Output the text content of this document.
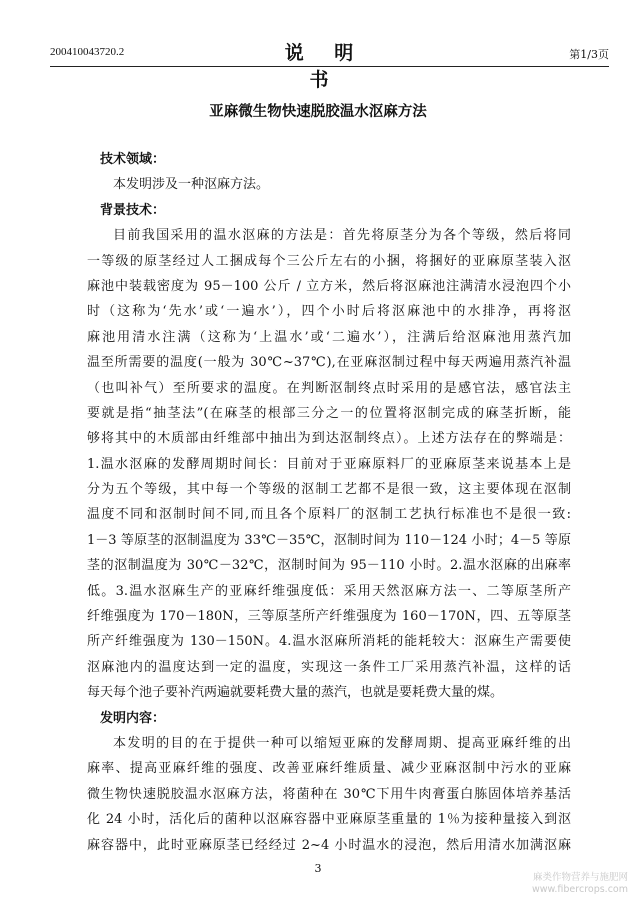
200410043720.2	说 明 书
第1/3页
亚麻微生物快速脱胶温水沤麻方法
技术领域：
本发明涉及一种沤麻方法。
背景技术：
目前我国采用的温水沤麻的方法是：首先将原茎分为各个等级，然后将同
一等级的原茎经过人工捆成每个三公斤左右的小捆，将捆好的亚麻原茎装入沤
麻池中装载密度为 95－100 公斤 / 立方米，然后将沤麻池注满清水浸泡四个小
时（这称为‘先水’或‘一遍水’），四个小时后将沤麻池中的水排净，再将沤
麻池用清水注满（这称为‘上温水’或‘二遍水’），注满后给沤麻池用蒸汽加
温至所需要的温度(一般为 30℃~37℃),在亚麻沤制过程中每天两遍用蒸汽补温
（也叫补气）至所要求的温度。在判断沤制终点时采用的是感官法，感官法主
要就是指“抽茎法”(在麻茎的根部三分之一的位置将沤制完成的麻茎折断，能
够将其中的木质部由纤维部中抽出为到达沤制终点）。上述方法存在的弊端是：
1.温水沤麻的发酵周期时间长：目前对于亚麻原料厂的亚麻原茎来说基本上是
分为五个等级，其中每一个等级的沤制工艺都不是很一致，这主要体现在沤制
温度不同和沤制时间不同,而且各个原料厂的沤制工艺执行标准也不是很一致:
1－3 等原茎的沤制温度为 33℃－35℃，沤制时间为 110－124 小时；4－5 等原
茎的沤制温度为 30℃－32℃，沤制时间为 95－110 小时。2.温水沤麻的出麻率
低。3.温水沤麻生产的亚麻纤维强度低：采用天然沤麻方法一、二等原茎所产
纤维强度为 170－180N，三等原茎所产纤维强度为 160－170N，四、五等原茎
所产纤维强度为 130－150N。4.温水沤麻所消耗的能耗较大：沤麻生产需要使
沤麻池内的温度达到一定的温度，实现这一条件工厂采用蒸汽补温，这样的话
每天每个池子要补汽两遍就要耗费大量的蒸汽，也就是要耗费大量的煤。
发明内容：
本发明的目的在于提供一种可以缩短亚麻的发酵周期、提高亚麻纤维的出
麻率、提高亚麻纤维的强度、改善亚麻纤维质量、减少亚麻沤制中污水的亚麻
微生物快速脱胶温水沤麻方法，将菌种在 30℃下用牛肉膏蛋白胨固体培养基活
化 24 小时，活化后的菌种以沤麻容器中亚麻原茎重量的 1％为接种量接入到沤
麻容器中，此时亚麻原茎已经经过 2~4 小时温水的浸泡，然后用清水加满沤麻
3
麻类作物营养与施肥网
www.fibercrops.com
